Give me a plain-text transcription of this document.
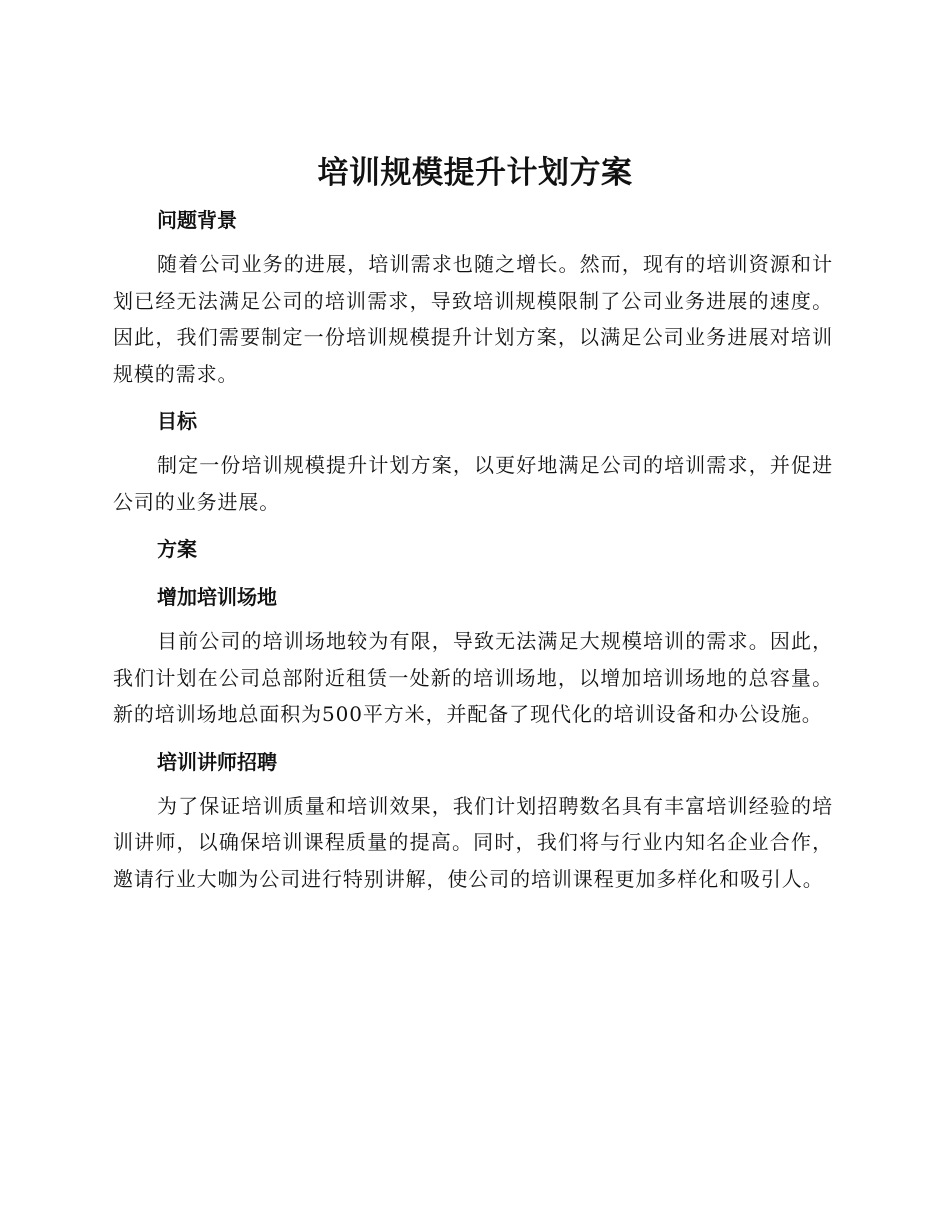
培训规模提升计划方案
问题背景

随着公司业务的进展，培训需求也随之增长。然而，现有的培训资源和计划已经无法满足公司的培训需求，导致培训规模限制了公司业务进展的速度。因此，我们需要制定一份培训规模提升计划方案，以满足公司业务进展对培训规模的需求。

目标

制定一份培训规模提升计划方案，以更好地满足公司的培训需求，并促进公司的业务进展。

方案
增加培训场地

目前公司的培训场地较为有限，导致无法满足大规模培训的需求。因此，我们计划在公司总部附近租赁一处新的培训场地，以增加培训场地的总容量。新的培训场地总面积为500平方米，并配备了现代化的培训设备和办公设施。

培训讲师招聘

为了保证培训质量和培训效果，我们计划招聘数名具有丰富培训经验的培训讲师，以确保培训课程质量的提高。同时，我们将与行业内知名企业合作，邀请行业大咖为公司进行特别讲解，使公司的培训课程更加多样化和吸引人。
